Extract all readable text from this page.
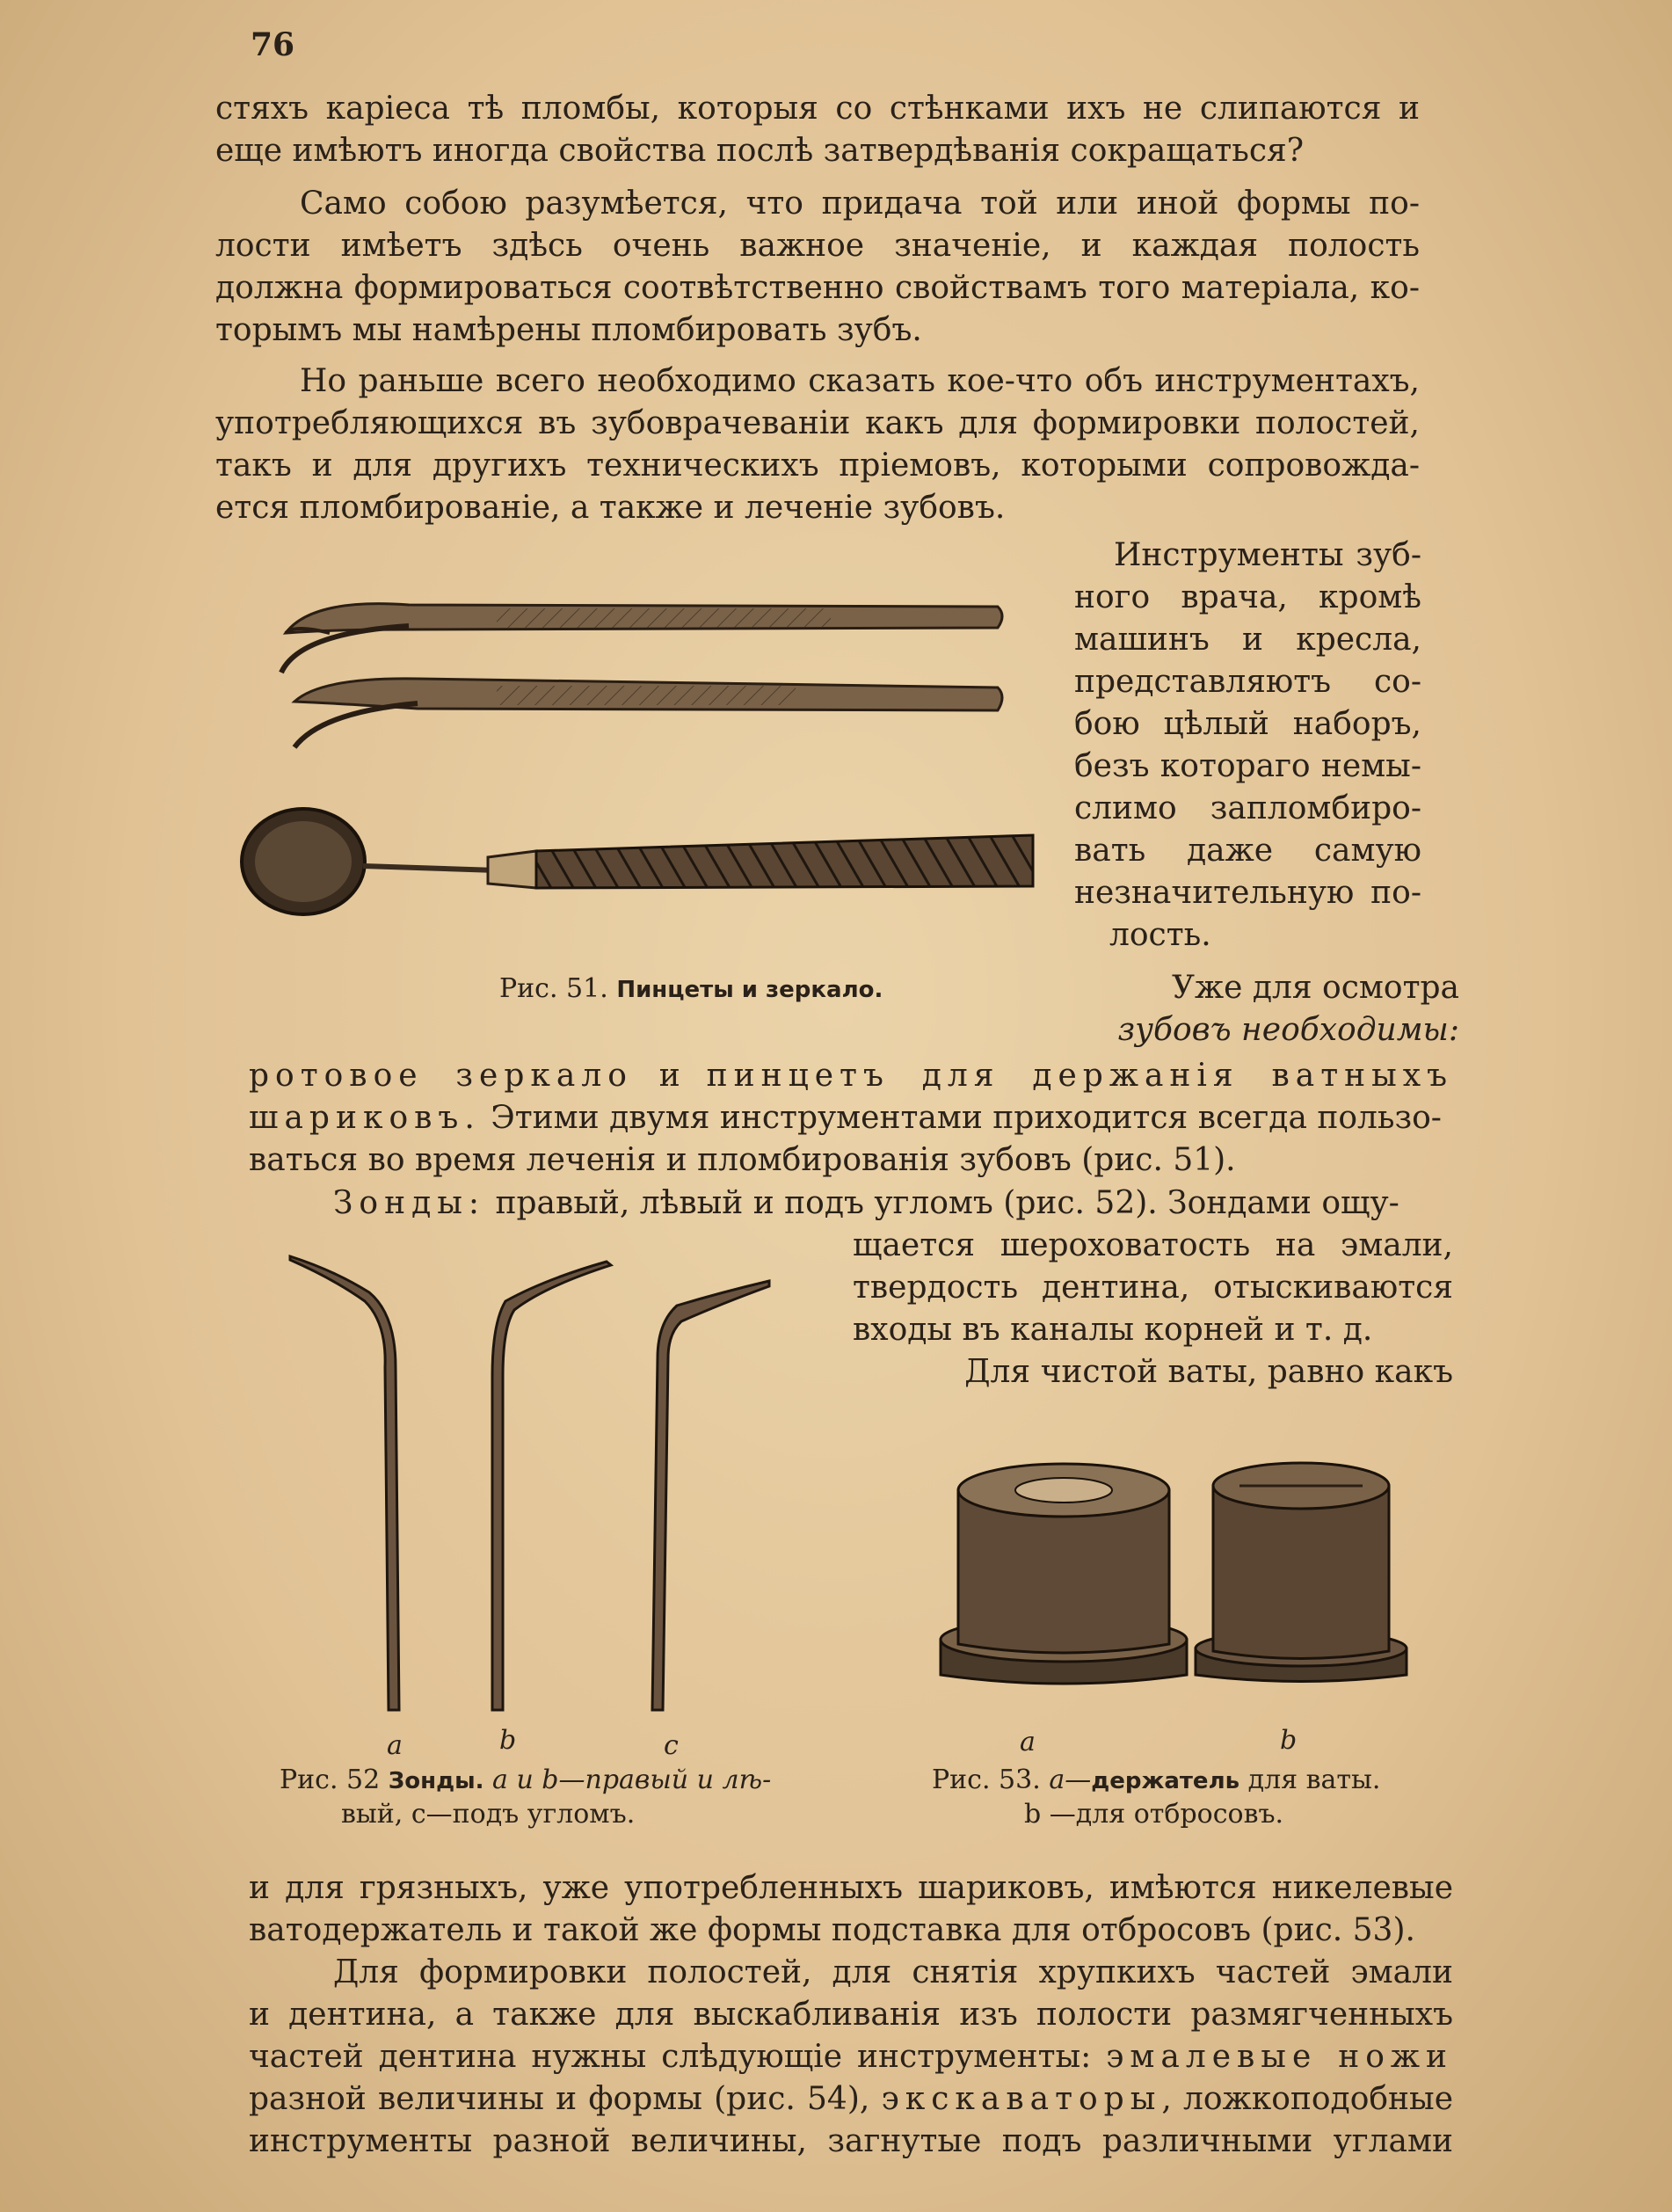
76
стяхъ каріеса тѣ пломбы, которыя со стѣнками ихъ не слипаются и
еще имѣютъ иногда свойства послѣ затвердѣванія сокращаться?
Само собою разумѣется, что придача той или иной формы по-
лости имѣетъ здѣсь очень важное значеніе, и каждая полость
должна формироваться соотвѣтственно свойствамъ того матеріала, ко-
торымъ мы намѣрены пломбировать зубъ.
Но раньше всего необходимо сказать кое-что объ инструментахъ,
употребляющихся въ зубоврачеваніи какъ для формировки полостей,
такъ и для другихъ техническихъ пріемовъ, которыми сопровожда-
ется пломбированіе, а также и леченіе зубовъ.
Рис. 51. Пинцеты и зеркало.
Инструменты зуб-
ного врача, кромѣ
машинъ и кресла,
представляютъ со-
бою цѣлый наборъ,
безъ котораго немы-
слимо запломбиро-
вать даже самую
незначительную по-
лость.
Уже для осмотра
зубовъ необходимы:
ротовое зеркало и пинцетъ для держанія ватныхъ
шариковъ. Этими двумя инструментами приходится всегда пользо-
ваться во время леченія и пломбированія зубовъ (рис. 51).
Зонды: правый, лѣвый и подъ угломъ (рис. 52). Зондами ощу-
щается шероховатость на эмали,
твердость дентина, отыскиваются
входы въ каналы корней и т. д.
Для чистой ваты, равно какъ
a	b	c
Рис. 52 Зонды. a и b—правый и лѣ-
вый, c—подъ угломъ.
a	b
Рис. 53. a—держатель для ваты.
b —для отбросовъ.
и для грязныхъ, уже употребленныхъ шариковъ, имѣются никелевые
ватодержатель и такой же формы подставка для отбросовъ (рис. 53).
Для формировки полостей, для снятія хрупкихъ частей эмали
и дентина, а также для выскабливанія изъ полости размягченныхъ
частей дентина нужны слѣдующіе инструменты: эмалевые ножи
разной величины и формы (рис. 54), экскаваторы, ложкоподобные
инструменты разной величины, загнутые подъ различными углами
